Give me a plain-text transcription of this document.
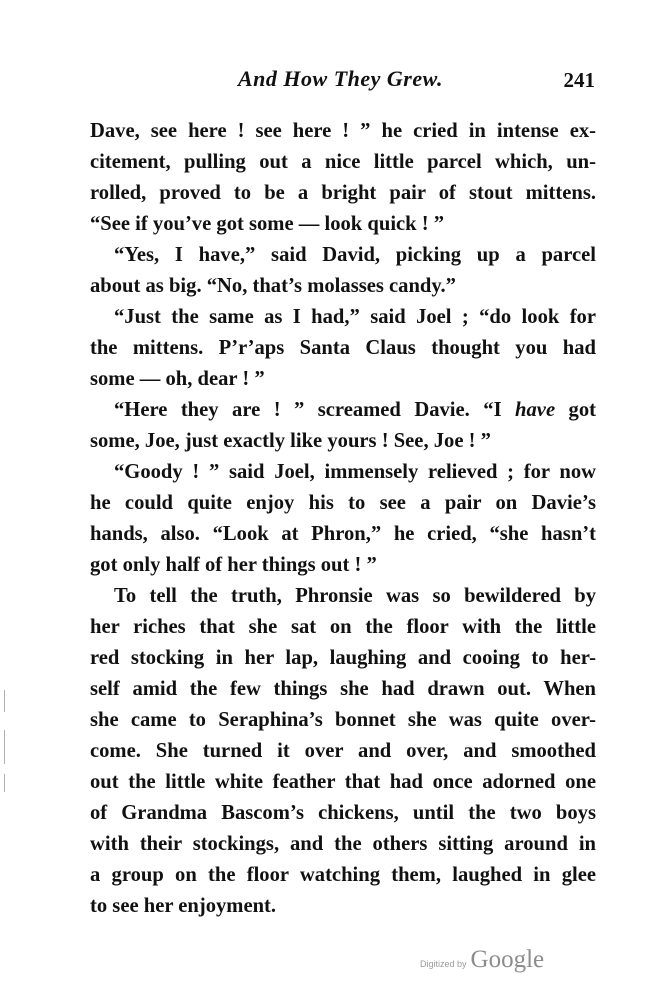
And How They Grew.	241
Dave, see here ! see here ! ” he cried in intense ex-
citement, pulling out a nice little parcel which, un-
rolled, proved to be a bright pair of stout mittens.
“See if you’ve got some — look quick ! ”
“Yes, I have,” said David, picking up a parcel
about as big. “No, that’s molasses candy.”
“Just the same as I had,” said Joel ; “do look for
the mittens. P’r’aps Santa Claus thought you had
some — oh, dear ! ”
“Here they are ! ” screamed Davie. “I have got
some, Joe, just exactly like yours ! See, Joe ! ”
“Goody ! ” said Joel, immensely relieved ; for now
he could quite enjoy his to see a pair on Davie’s
hands, also. “Look at Phron,” he cried, “she hasn’t
got only half of her things out ! ”
To tell the truth, Phronsie was so bewildered by
her riches that she sat on the floor with the little
red stocking in her lap, laughing and cooing to her-
self amid the few things she had drawn out. When
she came to Seraphina’s bonnet she was quite over-
come. She turned it over and over, and smoothed
out the little white feather that had once adorned one
of Grandma Bascom’s chickens, until the two boys
with their stockings, and the others sitting around in
a group on the floor watching them, laughed in glee
to see her enjoyment.
Digitized by Google
